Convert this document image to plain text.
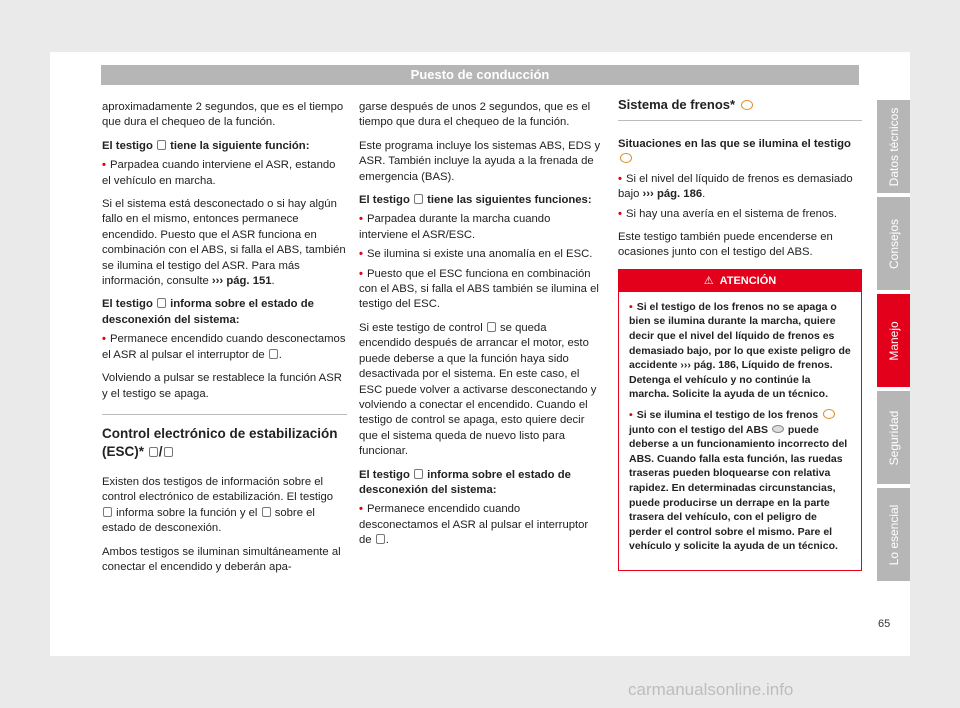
Puesto de conducción

aproximadamente 2 segundos, que es el tiempo que dura el chequeo de la función.

El testigo tiene la siguiente función:

• Parpadea cuando interviene el ASR, estando el vehículo en marcha.

Si el sistema está desconectado o si hay algún fallo en el mismo, entonces permanece encendido. Puesto que el ASR funciona en combinación con el ABS, si falla el ABS, también se ilumina el testigo del ASR. Para más información, consulte ››› pág. 151.

El testigo informa sobre el estado de desconexión del sistema:

• Permanece encendido cuando desconectamos el ASR al pulsar el interruptor de .

Volviendo a pulsar se restablece la función ASR y el testigo se apaga.

Control electrónico de estabilización (ESC)* /

Existen dos testigos de información sobre el control electrónico de estabilización. El testigo  informa sobre la función y el sobre el estado de desconexión.

Ambos testigos se iluminan simultáneamente al conectar el encendido y deberán apa-

garse después de unos 2 segundos, que es el tiempo que dura el chequeo de la función.

Este programa incluye los sistemas ABS, EDS y ASR. También incluye la ayuda a la frenada de emergencia (BAS).

El testigo tiene las siguientes funciones:

• Parpadea durante la marcha cuando interviene el ASR/ESC.

• Se ilumina si existe una anomalía en el ESC.

• Puesto que el ESC funciona en combinación con el ABS, si falla el ABS también se ilumina el testigo del ESC.

Si este testigo de control se queda encendido después de arrancar el motor, esto puede deberse a que la función haya sido desactivada por el sistema. En este caso, el ESC puede volver a activarse desconectando y volviendo a conectar el encendido. Cuando el testigo de control se apaga, esto quiere decir que el sistema queda de nuevo listo para funcionar.

El testigo informa sobre el estado de desconexión del sistema:

• Permanece encendido cuando desconectamos el ASR al pulsar el interruptor de .

Sistema de frenos*

Situaciones en las que se ilumina el testigo

• Si el nivel del líquido de frenos es demasiado bajo ››› pág. 186.

• Si hay una avería en el sistema de frenos.

Este testigo también puede encenderse en ocasiones junto con el testigo del ABS.

⚠ ATENCIÓN

• Si el testigo de los frenos no se apaga o bien se ilumina durante la marcha, quiere decir que el nivel del líquido de frenos es demasiado bajo, por lo que existe peligro de accidente ››› pág. 186, Líquido de frenos. Detenga el vehículo y no continúe la marcha. Solicite la ayuda de un técnico.

• Si se ilumina el testigo de los frenos  junto con el testigo del ABS puede deberse a un funcionamiento incorrecto del ABS. Cuando falla esta función, las ruedas traseras pueden bloquearse con relativa rapidez. En determinadas circunstancias, puede producirse un derrape en la parte trasera del vehículo, con el peligro de perder el control sobre el mismo. Pare el vehículo y solicite la ayuda de un técnico.

Datos técnicos
Consejos
Manejo
Seguridad
Lo esencial
65
carmanualsonline.info
